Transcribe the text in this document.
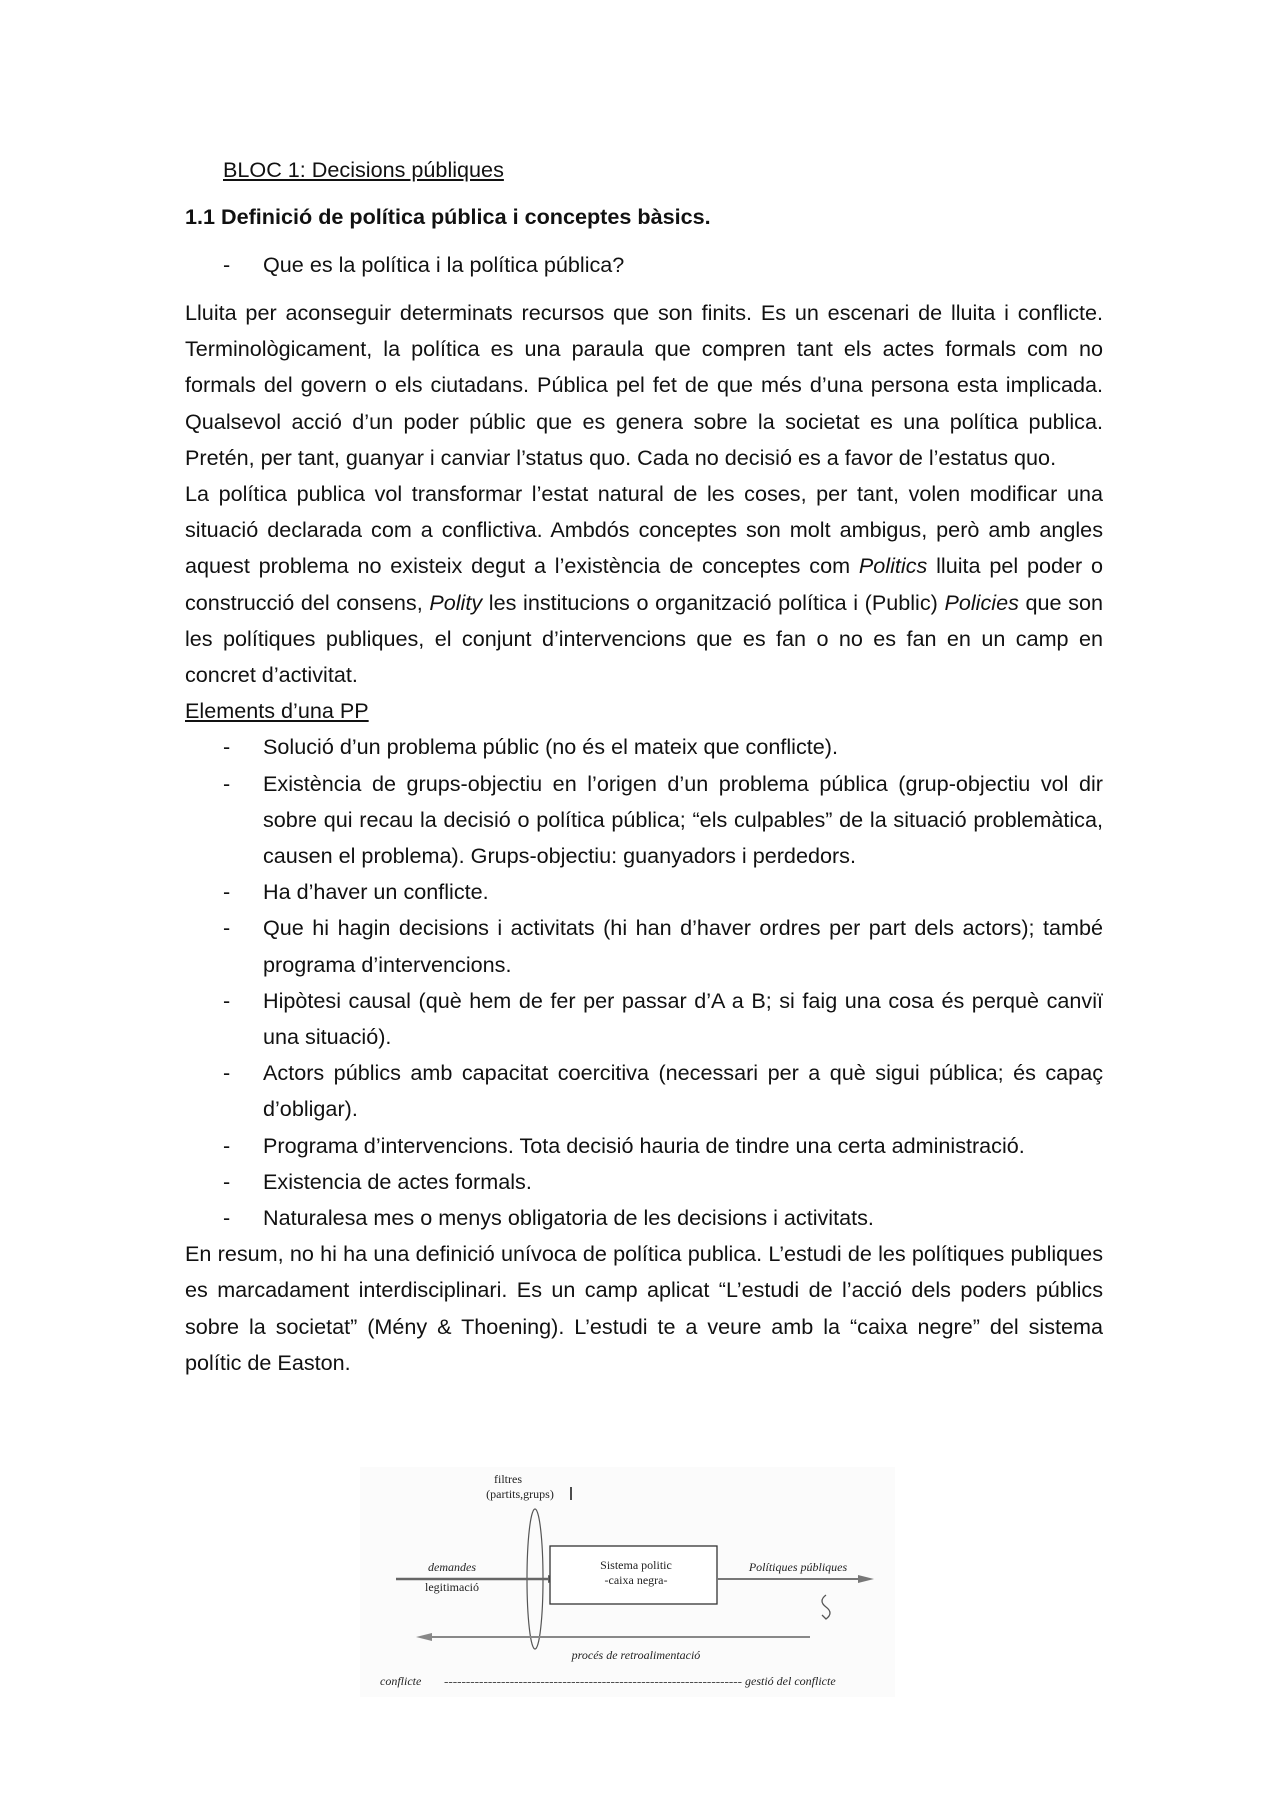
BLOC 1: Decisions públiques
1.1 Definició de política pública i conceptes bàsics.
-	Que es la política i la política pública?

Lluita per aconseguir determinats recursos que son finits. Es un escenari de lluita i conflicte. Terminològicament, la política es una paraula que compren tant els actes formals com no formals del govern o els ciutadans. Pública pel fet de que més d’una persona esta implicada. Qualsevol acció d’un poder públic que es genera sobre la societat es una política publica. Pretén, per tant, guanyar i canviar l’status quo. Cada no decisió es a favor de l’estatus quo.

La política publica vol transformar l’estat natural de les coses, per tant, volen modificar una situació declarada com a conflictiva. Ambdós conceptes son molt ambigus, però amb angles aquest problema no existeix degut a l’existència de conceptes com Politics lluita pel poder o construcció del consens, Polity les institucions o organització política i (Public) Policies que son les polítiques publiques, el conjunt d’intervencions que es fan o no es fan en un camp en concret d’activitat.

Elements d’una PP

-	Solució d’un problema públic (no és el mateix que conflicte).
-	Existència de grups-objectiu en l’origen d’un problema pública (grup-objectiu vol dir sobre qui recau la decisió o política pública; “els culpables” de la situació problemàtica, causen el problema). Grups-objectiu: guanyadors i perdedors.
-	Ha d’haver un conflicte.
-	Que hi hagin decisions i activitats (hi han d’haver ordres per part dels actors); també programa d’intervencions.
-	Hipòtesi causal (què hem de fer per passar d’A a B; si faig una cosa és perquè canviï una situació).
-	Actors públics amb capacitat coercitiva (necessari per a què sigui pública; és capaç d’obligar).
-	Programa d’intervencions. Tota decisió hauria de tindre una certa administració.
-	Existencia de actes formals.
-	Naturalesa mes o menys obligatoria de les decisions i activitats.

En resum, no hi ha una definició unívoca de política publica. L’estudi de les polítiques publiques es marcadament interdisciplinari. Es un camp aplicat “L’estudi de l’acció dels poders públics sobre la societat” (Mény & Thoening). L’estudi te a veure amb la “caixa negre” del sistema polític de Easton.

filtres
(partits,grups)
demandes
legitimació
Sistema politic
-caixa negra-
Polítiques públiques
procés de retroalimentació
conflicte -------------------------------------------------------------------- gestió del conflicte
